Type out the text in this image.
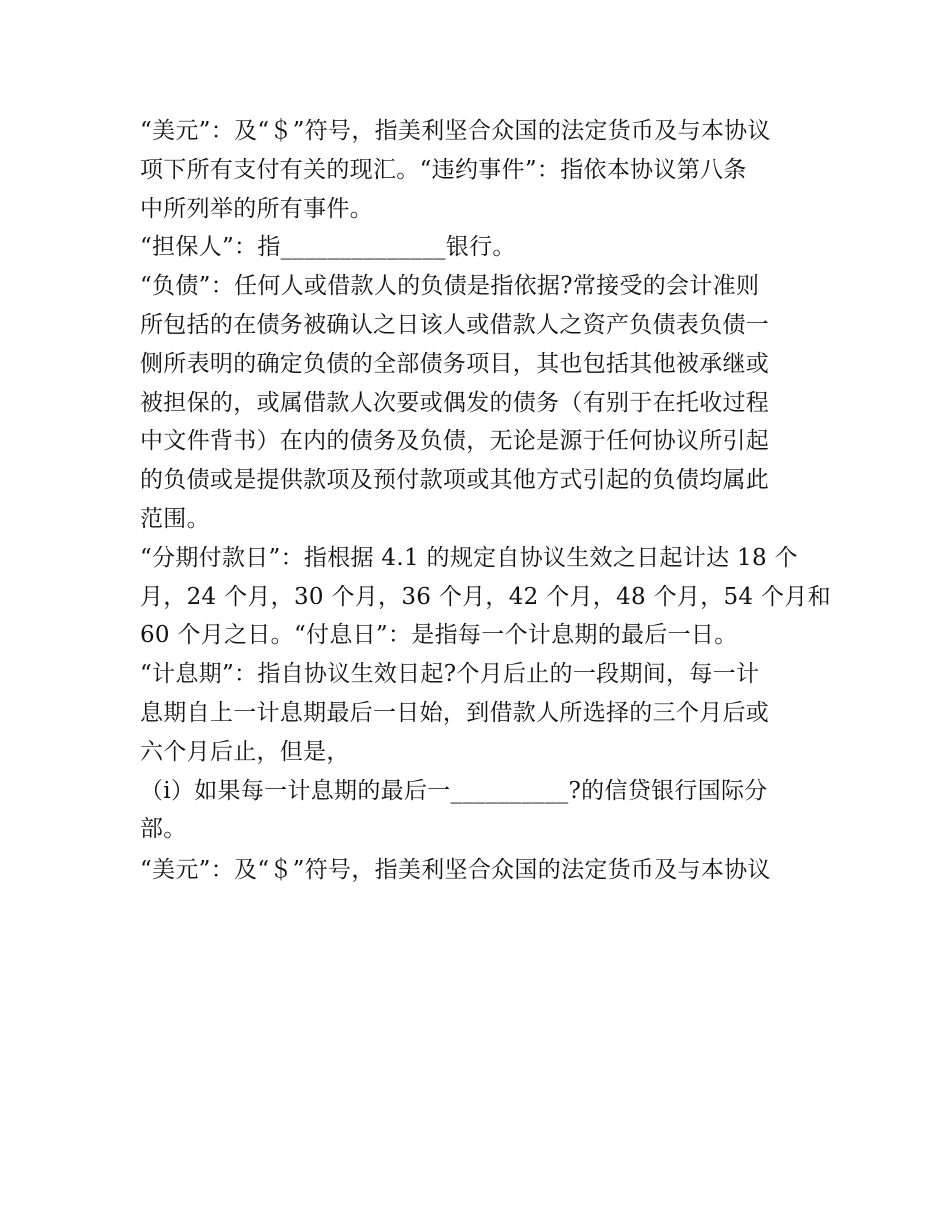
“美元”：及“＄”符号，指美利坚合众国的法定货币及与本协议
项下所有支付有关的现汇。“违约事件”：指依本协议第八条
中所列举的所有事件。
“担保人”：指______________银行。
“负债”：任何人或借款人的负债是指依据?常接受的会计准则
所包括的在债务被确认之日该人或借款人之资产负债表负债一
侧所表明的确定负债的全部债务项目，其也包括其他被承继或
被担保的，或属借款人次要或偶发的债务（有别于在托收过程
中文件背书）在内的债务及负债，无论是源于任何协议所引起
的负债或是提供款项及预付款项或其他方式引起的负债均属此
范围。
“分期付款日”：指根据 4.1 的规定自协议生效之日起计达 18 个
月，24 个月，30 个月，36 个月，42 个月，48 个月，54 个月和
60 个月之日。“付息日”：是指每一个计息期的最后一日。
“计息期”：指自协议生效日起?个月后止的一段期间，每一计
息期自上一计息期最后一日始，到借款人所选择的三个月后或
六个月后止，但是，
（i）如果每一计息期的最后一__________?的信贷银行国际分
部。
“美元”：及“＄”符号，指美利坚合众国的法定货币及与本协议
